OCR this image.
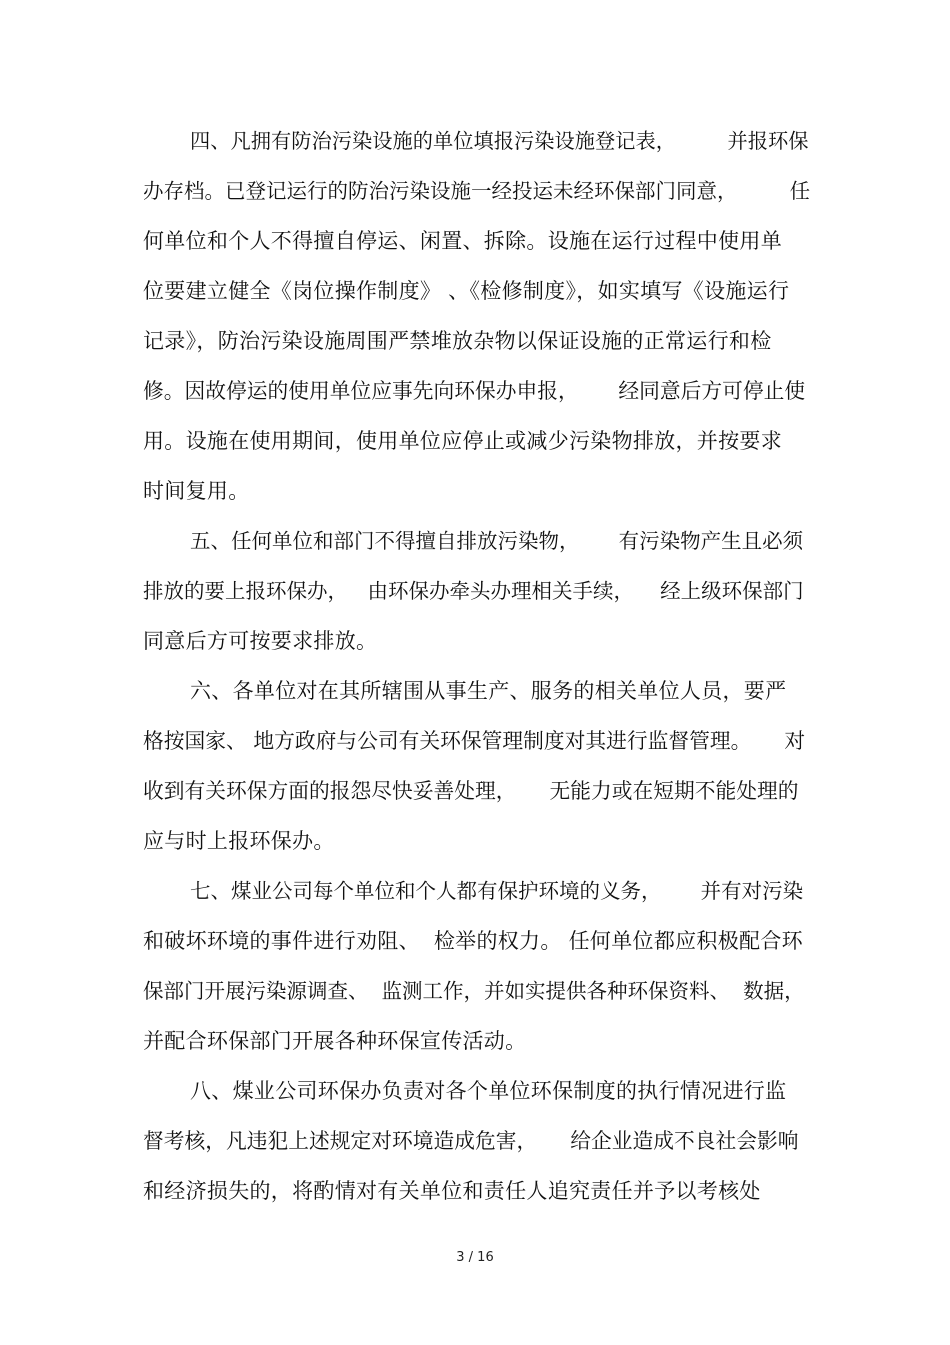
四、凡拥有防治污染设施的单位填报污染设施登记表，        并报环保
办存档。已登记运行的防治污染设施一经投运未经环保部门同意，        任
何单位和个人不得擅自停运、闲置、拆除。设施在运行过程中使用单
位要建立健全《岗位操作制度》 、《检修制度》，如实填写《设施运行
记录》，防治污染设施周围严禁堆放杂物以保证设施的正常运行和检
修。因故停运的使用单位应事先向环保办申报，      经同意后方可停止使
用。设施在使用期间，使用单位应停止或减少污染物排放，并按要求
时间复用。
五、任何单位和部门不得擅自排放污染物，      有污染物产生且必须
排放的要上报环保办，   由环保办牵头办理相关手续，    经上级环保部门
同意后方可按要求排放。
六、各单位对在其所辖围从事生产、服务的相关单位人员，要严
格按国家、 地方政府与公司有关环保管理制度对其进行监督管理。     对
收到有关环保方面的报怨尽快妥善处理，     无能力或在短期不能处理的
应与时上报环保办。
七、煤业公司每个单位和个人都有保护环境的义务，      并有对污染
和破坏环境的事件进行劝阻、  检举的权力。 任何单位都应积极配合环
保部门开展污染源调查、  监测工作，并如实提供各种环保资料、  数据，
并配合环保部门开展各种环保宣传活动。
八、煤业公司环保办负责对各个单位环保制度的执行情况进行监
督考核，凡违犯上述规定对环境造成危害，     给企业造成不良社会影响
和经济损失的，将酌情对有关单位和责任人追究责任并予以考核处
3 / 16
